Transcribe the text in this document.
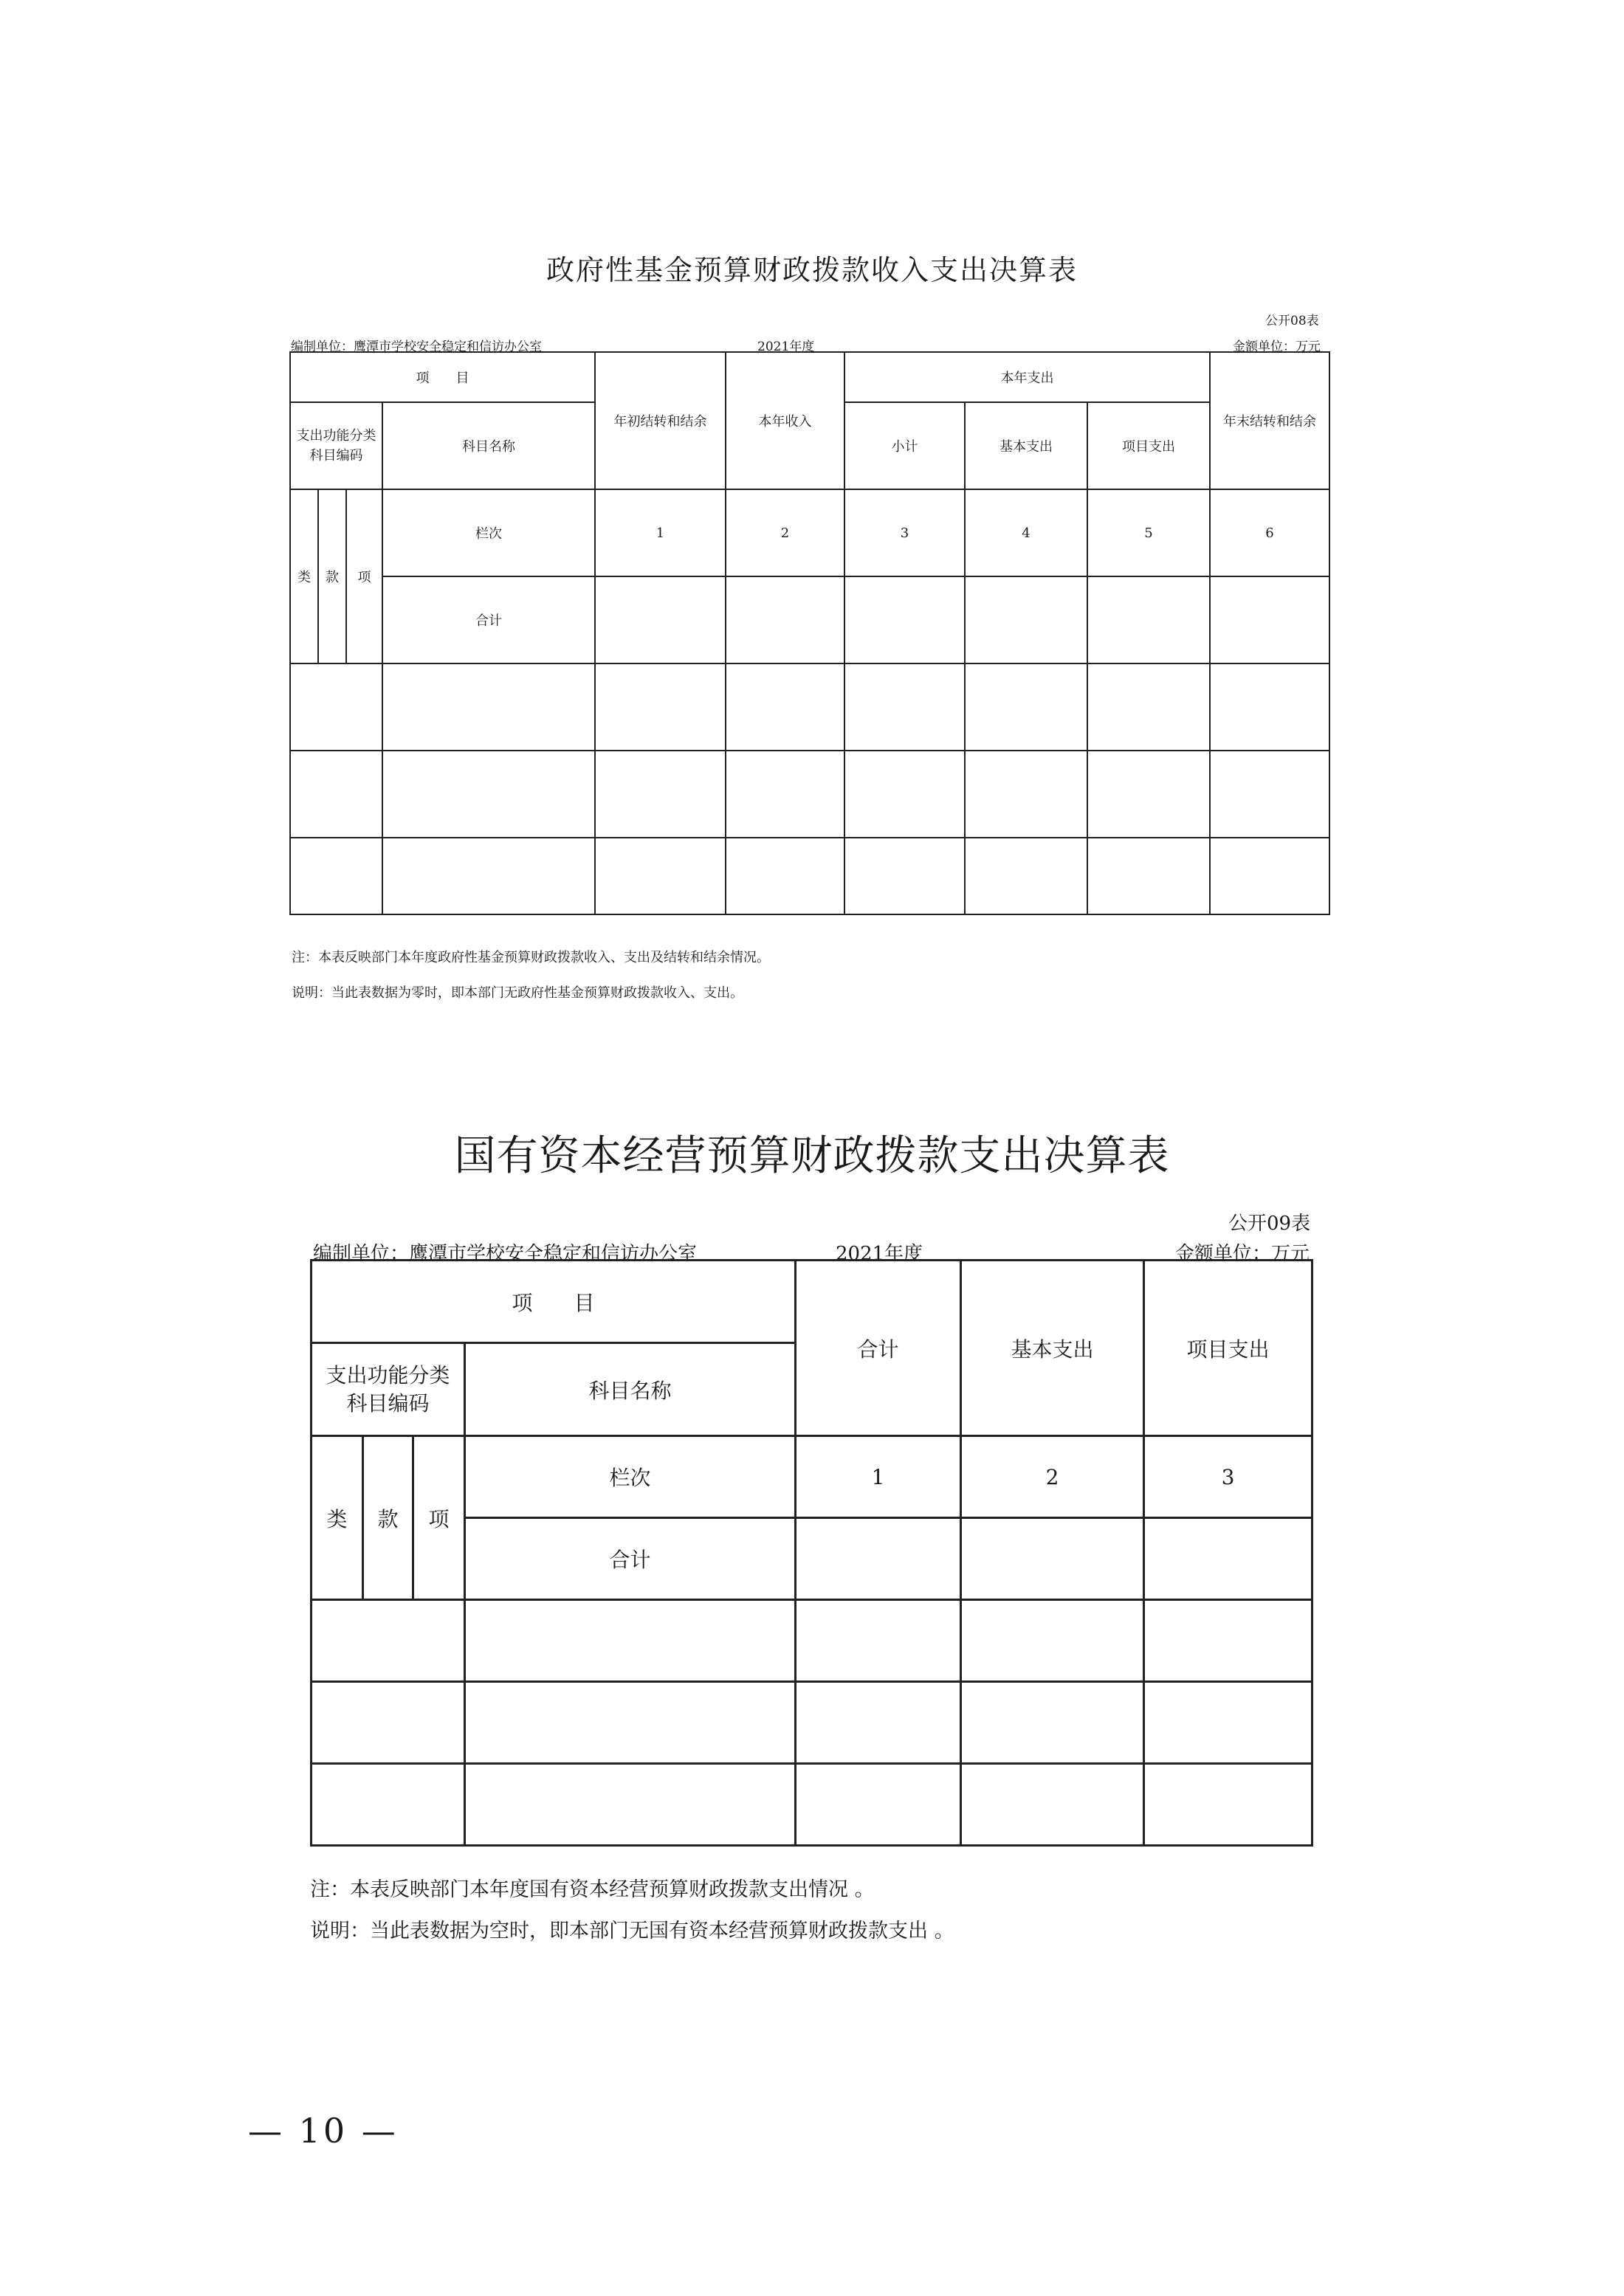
政府性基金预算财政拨款收入支出决算表
公开08表
编制单位：鹰潭市学校安全稳定和信访办公室	2021年度	金额单位：万元
项　　目				年初结转和结余	本年收入	本年支出			年末结转和结余
支出功能分类科目编码			科目名称			小计	基本支出	项目支出	
类	款	项	栏次	1	2	3	4	5	6
			合计						

注：本表反映部门本年度政府性基金预算财政拨款收入、支出及结转和结余情况。
说明：当此表数据为零时，即本部门无政府性基金预算财政拨款收入、支出。
国有资本经营预算财政拨款支出决算表
公开09表
编制单位：鹰潭市学校安全稳定和信访办公室	2021年度	金额单位：万元
项　　目				合计	基本支出	项目支出
支出功能分类科目编码			科目名称			
类	款	项	栏次	1	2	3
			合计			

注：本表反映部门本年度国有资本经营预算财政拨款支出情况 。
说明：当此表数据为空时，即本部门无国有资本经营预算财政拨款支出 。
— 10 —
